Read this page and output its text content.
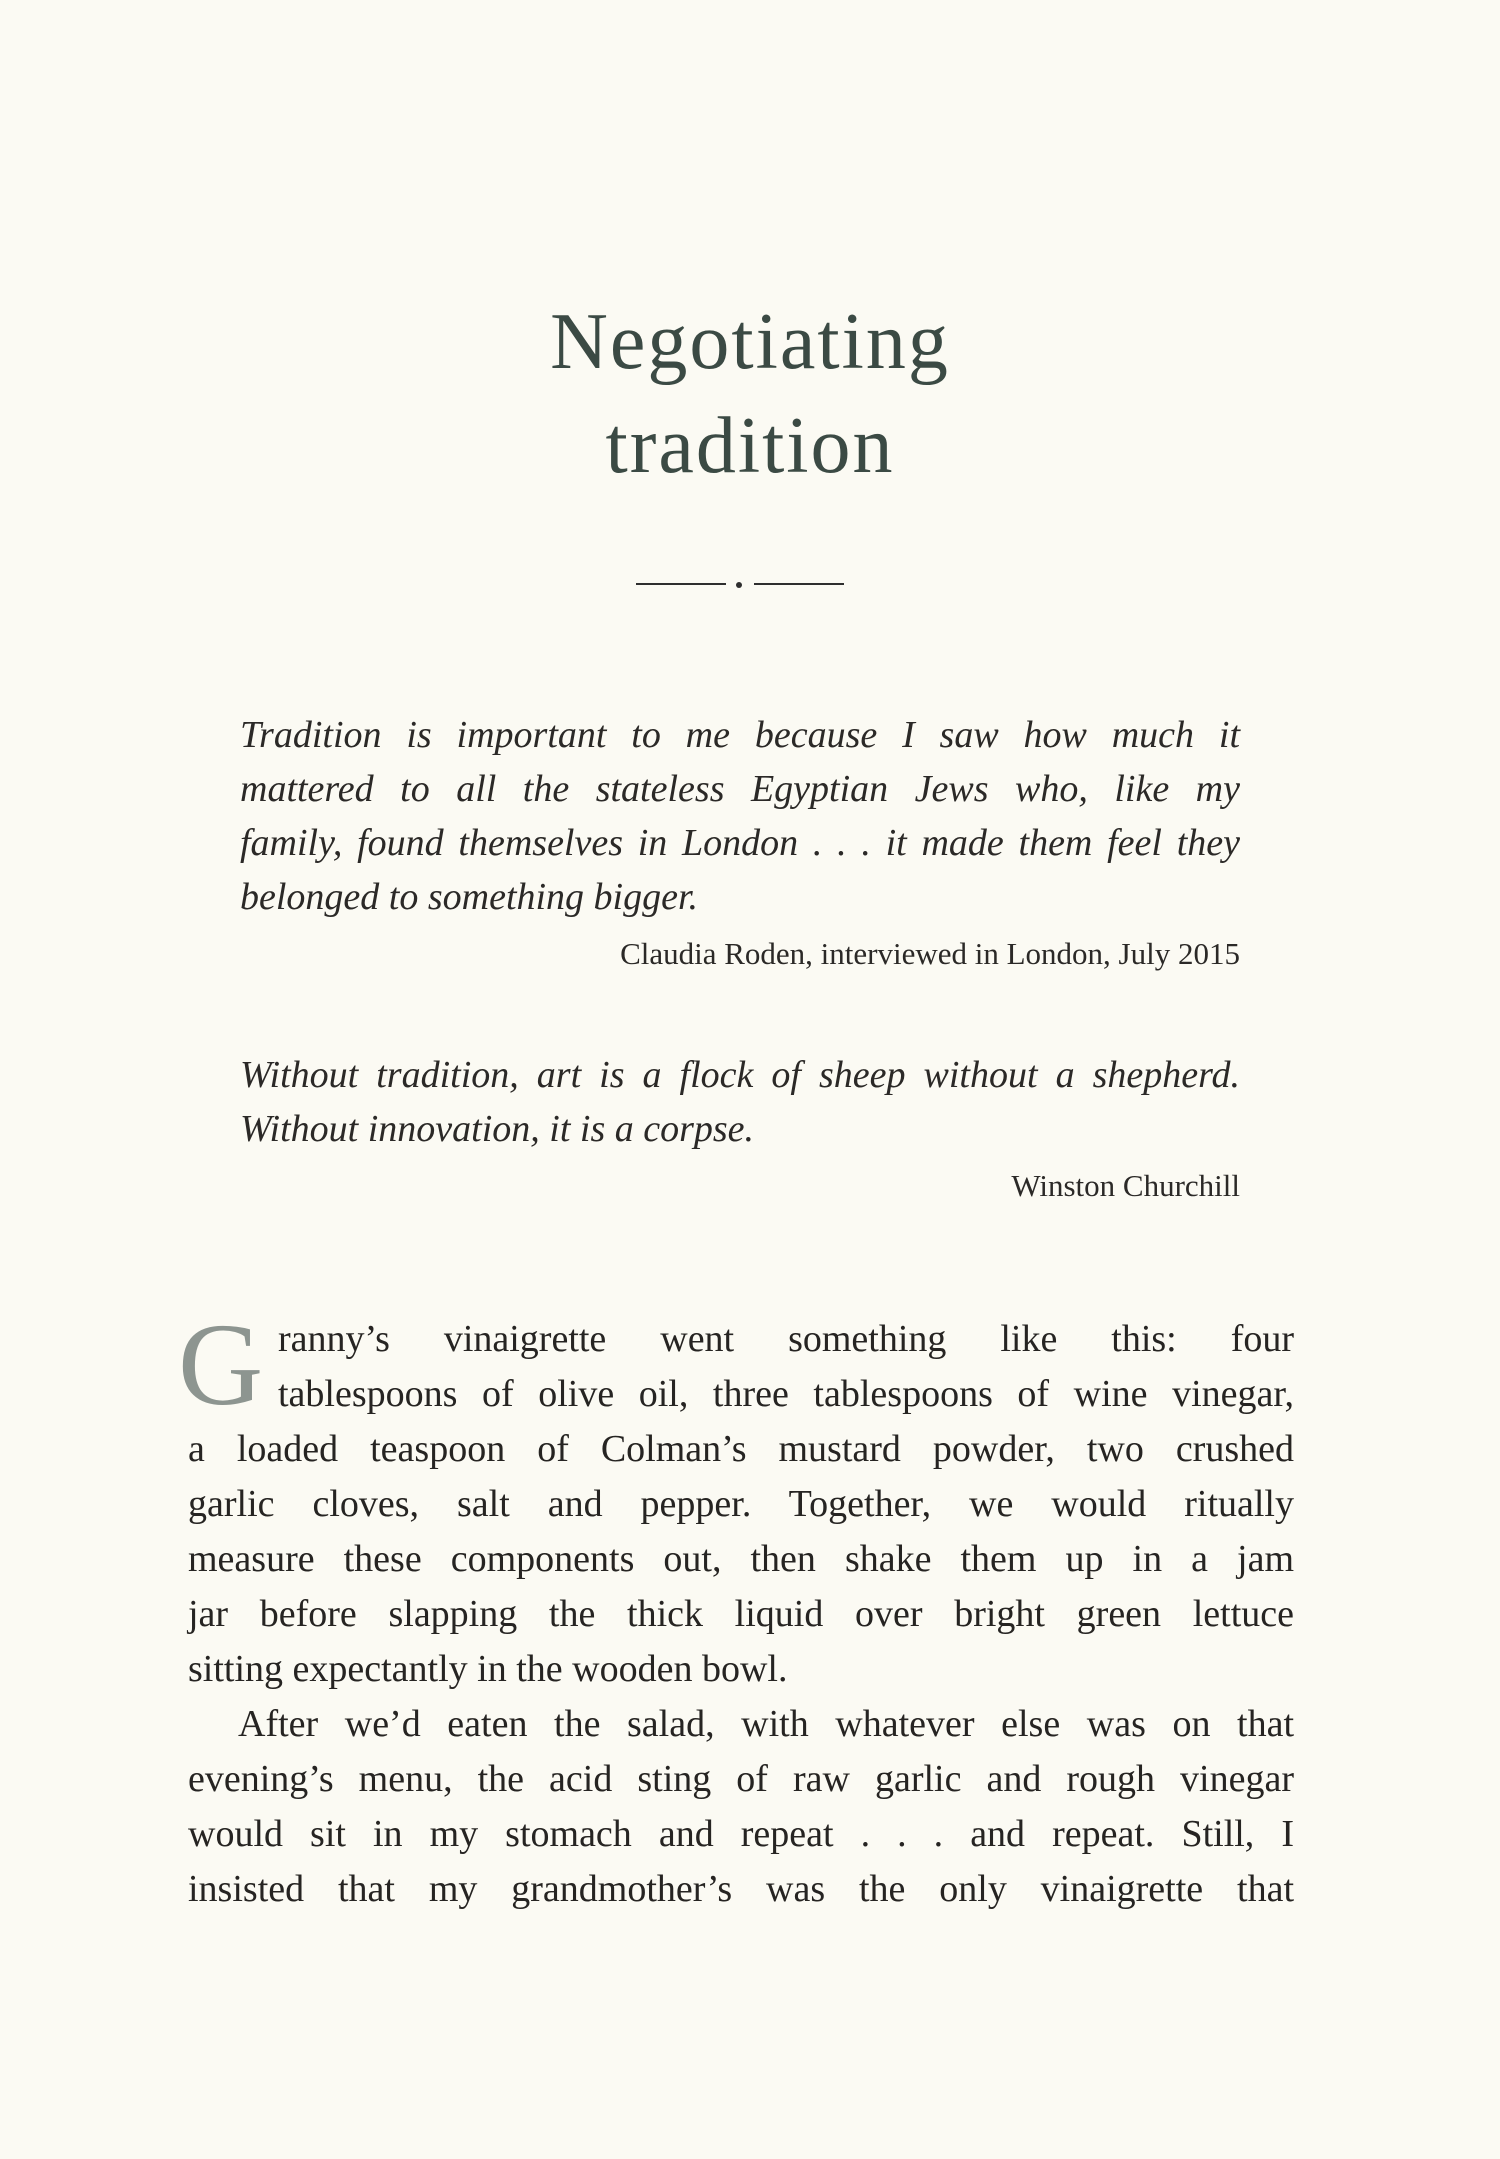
Negotiating
tradition

Tradition is important to me because I saw how much it
mattered to all the stateless Egyptian Jews who, like my
family, found themselves in London . . . it made them feel they
belonged to something bigger.

Claudia Roden, interviewed in London, July 2015

Without tradition, art is a flock of sheep without a shepherd.
Without innovation, it is a corpse.

Winston Churchill

G ranny’s vinaigrette went something like this: four
tablespoons of olive oil, three tablespoons of wine vinegar,
a loaded teaspoon of Colman’s mustard powder, two crushed
garlic cloves, salt and pepper. Together, we would ritually
measure these components out, then shake them up in a jam
jar before slapping the thick liquid over bright green lettuce
sitting expectantly in the wooden bowl.

After we’d eaten the salad, with whatever else was on that
evening’s menu, the acid sting of raw garlic and rough vinegar
would sit in my stomach and repeat . . . and repeat. Still, I
insisted that my grandmother’s was the only vinaigrette that
